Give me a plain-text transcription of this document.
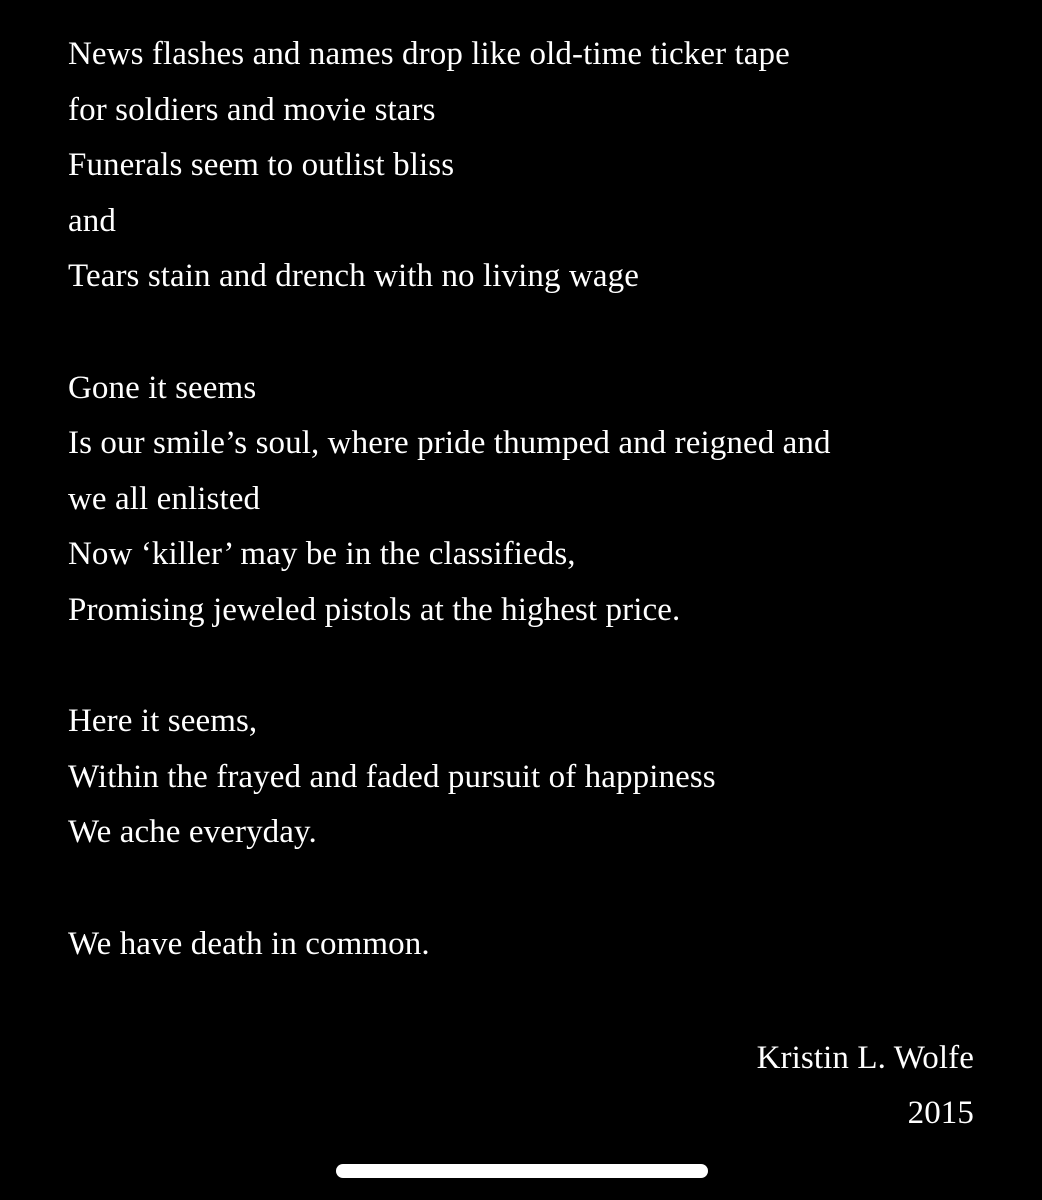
News flashes and names drop like old-time ticker tape
for soldiers and movie stars
Funerals seem to outlist bliss
and
Tears stain and drench with no living wage
Gone it seems
Is our smile’s soul, where pride thumped and reigned and
we all enlisted
Now ‘killer’ may be in the classifieds,
Promising jeweled pistols at the highest price.
Here it seems,
Within the frayed and faded pursuit of happiness
We ache everyday.
We have death in common.
Kristin L. Wolfe
2015
